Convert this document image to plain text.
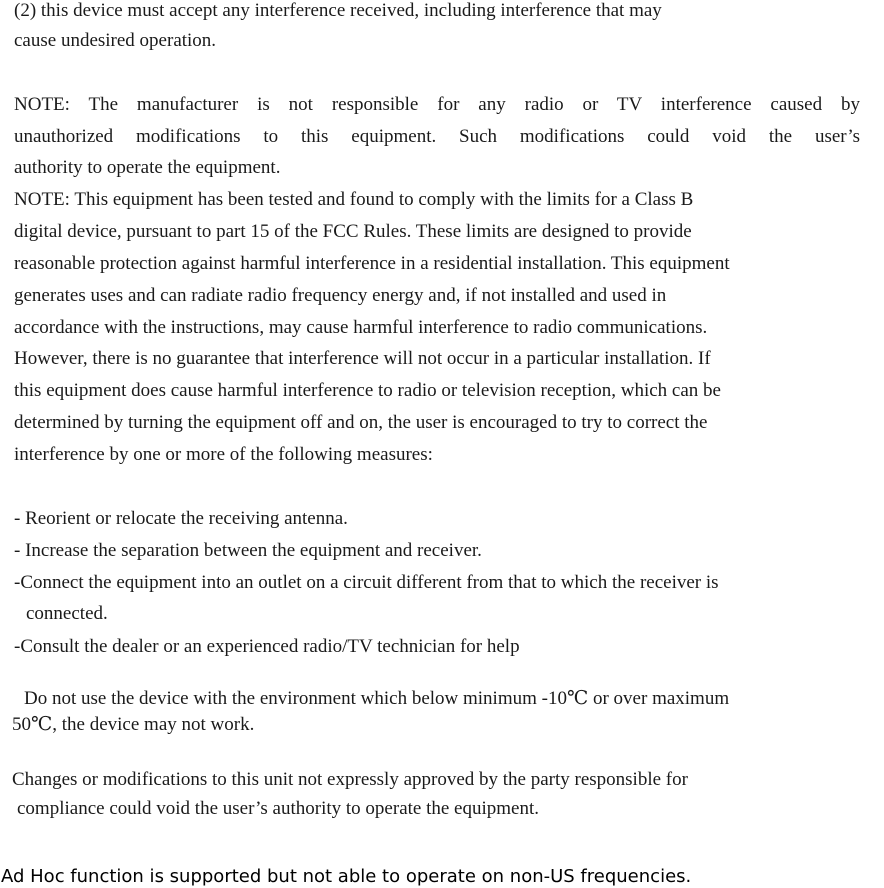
(2) this device must accept any interference received, including interference that may

cause undesired operation.

NOTE: The manufacturer is not responsible for any radio or TV interference caused by

unauthorized modifications to this equipment. Such modifications could void the user’s

authority to operate the equipment.

NOTE: This equipment has been tested and found to comply with the limits for a Class B

digital device, pursuant to part 15 of the FCC Rules. These limits are designed to provide

reasonable protection against harmful interference in a residential installation. This equipment

generates uses and can radiate radio frequency energy and, if not installed and used in

accordance with the instructions, may cause harmful interference to radio communications.

However, there is no guarantee that interference will not occur in a particular installation. If

this equipment does cause harmful interference to radio or television reception, which can be

determined by turning the equipment off and on, the user is encouraged to try to correct the

interference by one or more of the following measures:

- Reorient or relocate the receiving antenna.

- Increase the separation between the equipment and receiver.

-Connect the equipment into an outlet on a circuit different from that to which the receiver is

connected.

-Consult the dealer or an experienced radio/TV technician for help

Do not use the device with the environment which below minimum -10℃ or over maximum

50℃, the device may not work.

Changes or modifications to this unit not expressly approved by the party responsible for

compliance could void the user’s authority to operate the equipment.

Ad Hoc function is supported but not able to operate on non-US frequencies.
